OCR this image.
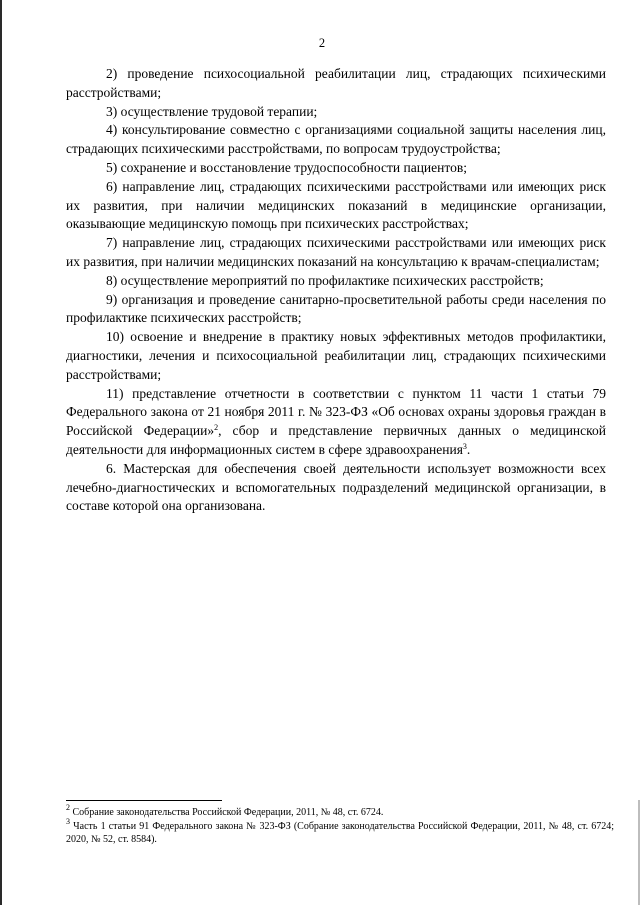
2

2) проведение психосоциальной реабилитации лиц, страдающих психическими расстройствами;

3) осуществление трудовой терапии;

4) консультирование совместно с организациями социальной защиты населения лиц, страдающих психическими расстройствами, по вопросам трудоустройства;

5) сохранение и восстановление трудоспособности пациентов;

6) направление лиц, страдающих психическими расстройствами или имеющих риск их развития, при наличии медицинских показаний в медицинские организации, оказывающие медицинскую помощь при психических расстройствах;

7) направление лиц, страдающих психическими расстройствами или имеющих риск их развития, при наличии медицинских показаний на консультацию к врачам-специалистам;

8) осуществление мероприятий по профилактике психических расстройств;

9) организация и проведение санитарно-просветительной работы среди населения по профилактике психических расстройств;

10) освоение и внедрение в практику новых эффективных методов профилактики, диагностики, лечения и психосоциальной реабилитации лиц, страдающих психическими расстройствами;

11) представление отчетности в соответствии с пунктом 11 части 1 статьи 79 Федерального закона от 21 ноября 2011 г. № 323-ФЗ «Об основах охраны здоровья граждан в Российской Федерации»$^2$, сбор и представление первичных данных о медицинской деятельности для информационных систем в сфере здравоохранения$^3$.

6. Мастерская для обеспечения своей деятельности использует возможности всех лечебно-диагностических и вспомогательных подразделений медицинской организации, в составе которой она организована.

$^2$ Собрание законодательства Российской Федерации, 2011, № 48, ст. 6724.

$^3$ Часть 1 статьи 91 Федерального закона № 323-ФЗ (Собрание законодательства Российской Федерации, 2011, № 48, ст. 6724; 2020, № 52, ст. 8584).
